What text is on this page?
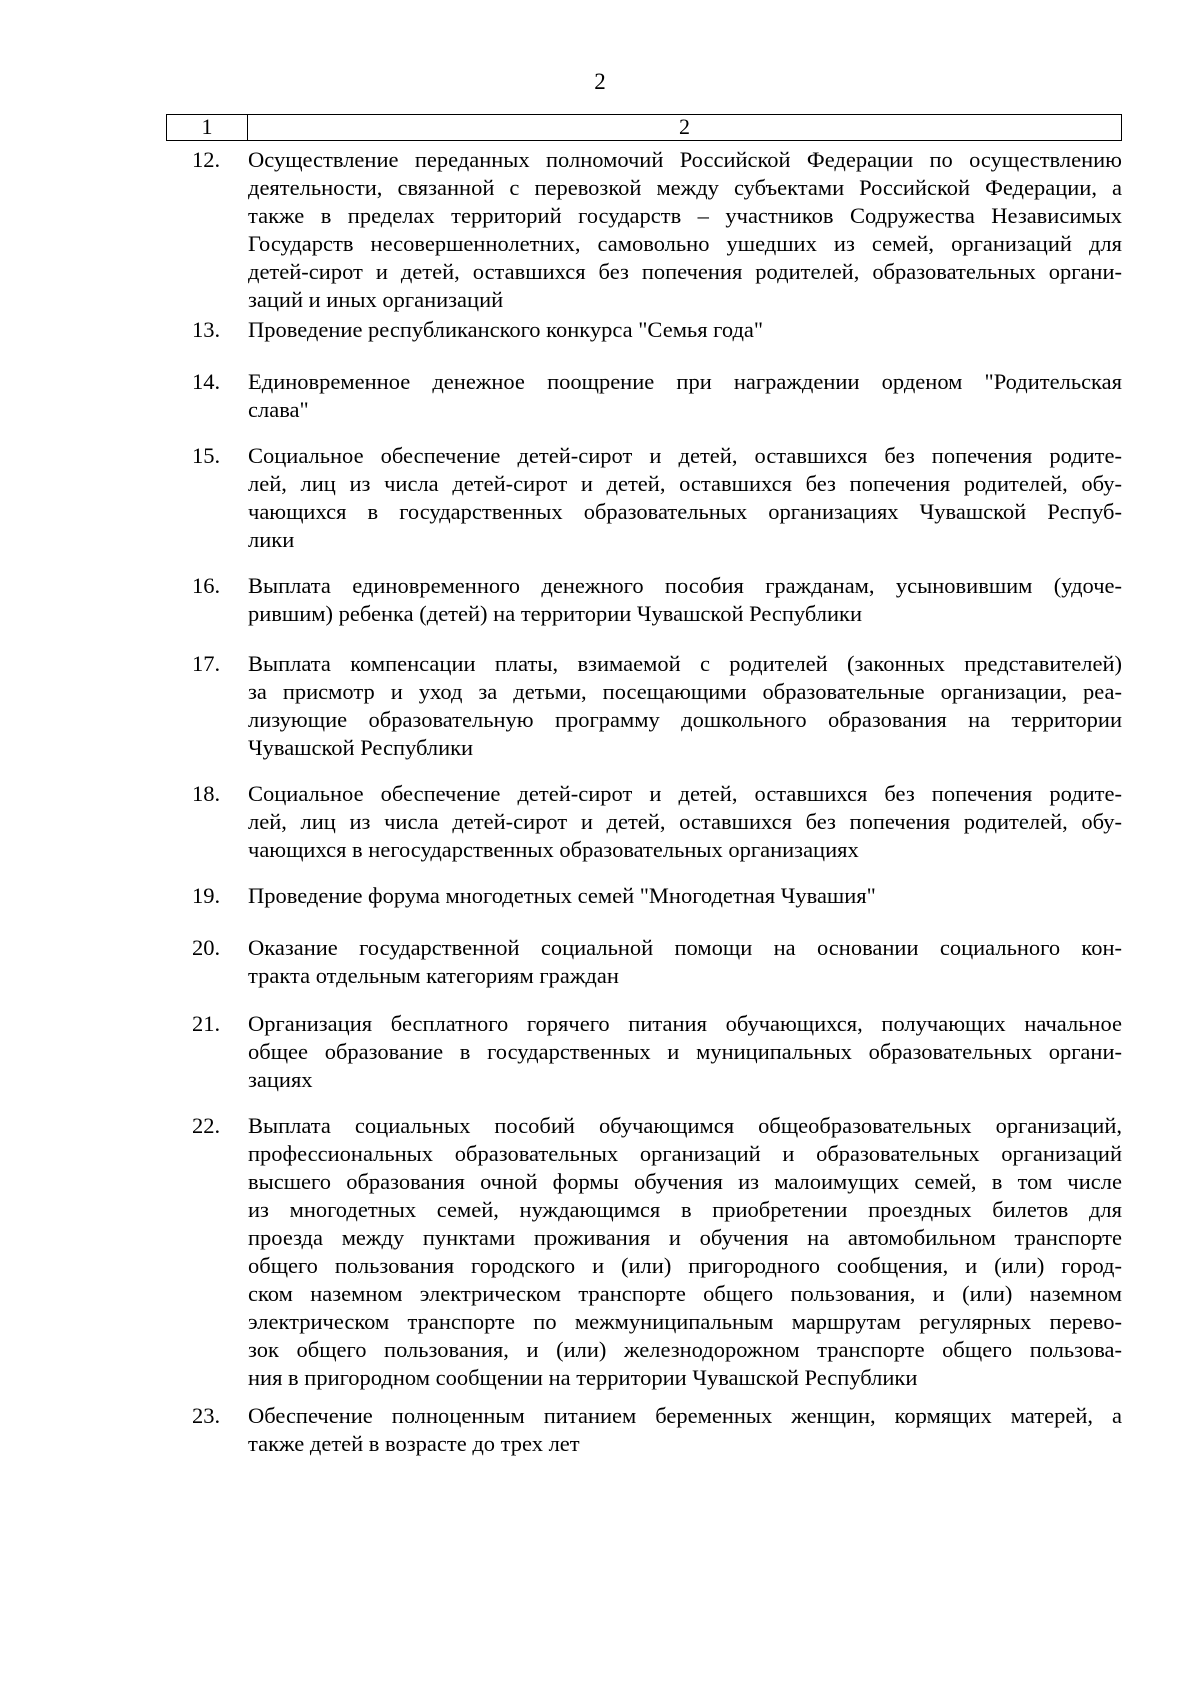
2
1	2
12.	Осуществление переданных полномочий Российской Федерации по осуществлению
деятельности, связанной с перевозкой между субъектами Российской Федерации, а
также в пределах территорий государств – участников Содружества Независимых
Государств несовершеннолетних, самовольно ушедших из семей, организаций для
детей-сирот и детей, оставшихся без попечения родителей, образовательных органи-
заций и иных организаций
13.	Проведение республиканского конкурса "Семья года"
14.	Единовременное денежное поощрение при награждении орденом "Родительская
слава"
15.	Социальное обеспечение детей-сирот и детей, оставшихся без попечения родите-
лей, лиц из числа детей-сирот и детей, оставшихся без попечения родителей, обу-
чающихся в государственных образовательных организациях Чувашской Респуб-
лики
16.	Выплата единовременного денежного пособия гражданам, усыновившим (удоче-
рившим) ребенка (детей) на территории Чувашской Республики
17.	Выплата компенсации платы, взимаемой с родителей (законных представителей)
за присмотр и уход за детьми, посещающими образовательные организации, реа-
лизующие образовательную программу дошкольного образования на территории
Чувашской Республики
18.	Социальное обеспечение детей-сирот и детей, оставшихся без попечения родите-
лей, лиц из числа детей-сирот и детей, оставшихся без попечения родителей, обу-
чающихся в негосударственных образовательных организациях
19.	Проведение форума многодетных семей "Многодетная Чувашия"
20.	Оказание государственной социальной помощи на основании социального кон-
тракта отдельным категориям граждан
21.	Организация бесплатного горячего питания обучающихся, получающих начальное
общее образование в государственных и муниципальных образовательных органи-
зациях
22.	Выплата социальных пособий обучающимся общеобразовательных организаций,
профессиональных образовательных организаций и образовательных организаций
высшего образования очной формы обучения из малоимущих семей, в том числе
из многодетных семей, нуждающимся в приобретении проездных билетов для
проезда между пунктами проживания и обучения на автомобильном транспорте
общего пользования городского и (или) пригородного сообщения, и (или) город-
ском наземном электрическом транспорте общего пользования, и (или) наземном
электрическом транспорте по межмуниципальным маршрутам регулярных перево-
зок общего пользования, и (или) железнодорожном транспорте общего пользова-
ния в пригородном сообщении на территории Чувашской Республики
23.	Обеспечение полноценным питанием беременных женщин, кормящих матерей, а
также детей в возрасте до трех лет
